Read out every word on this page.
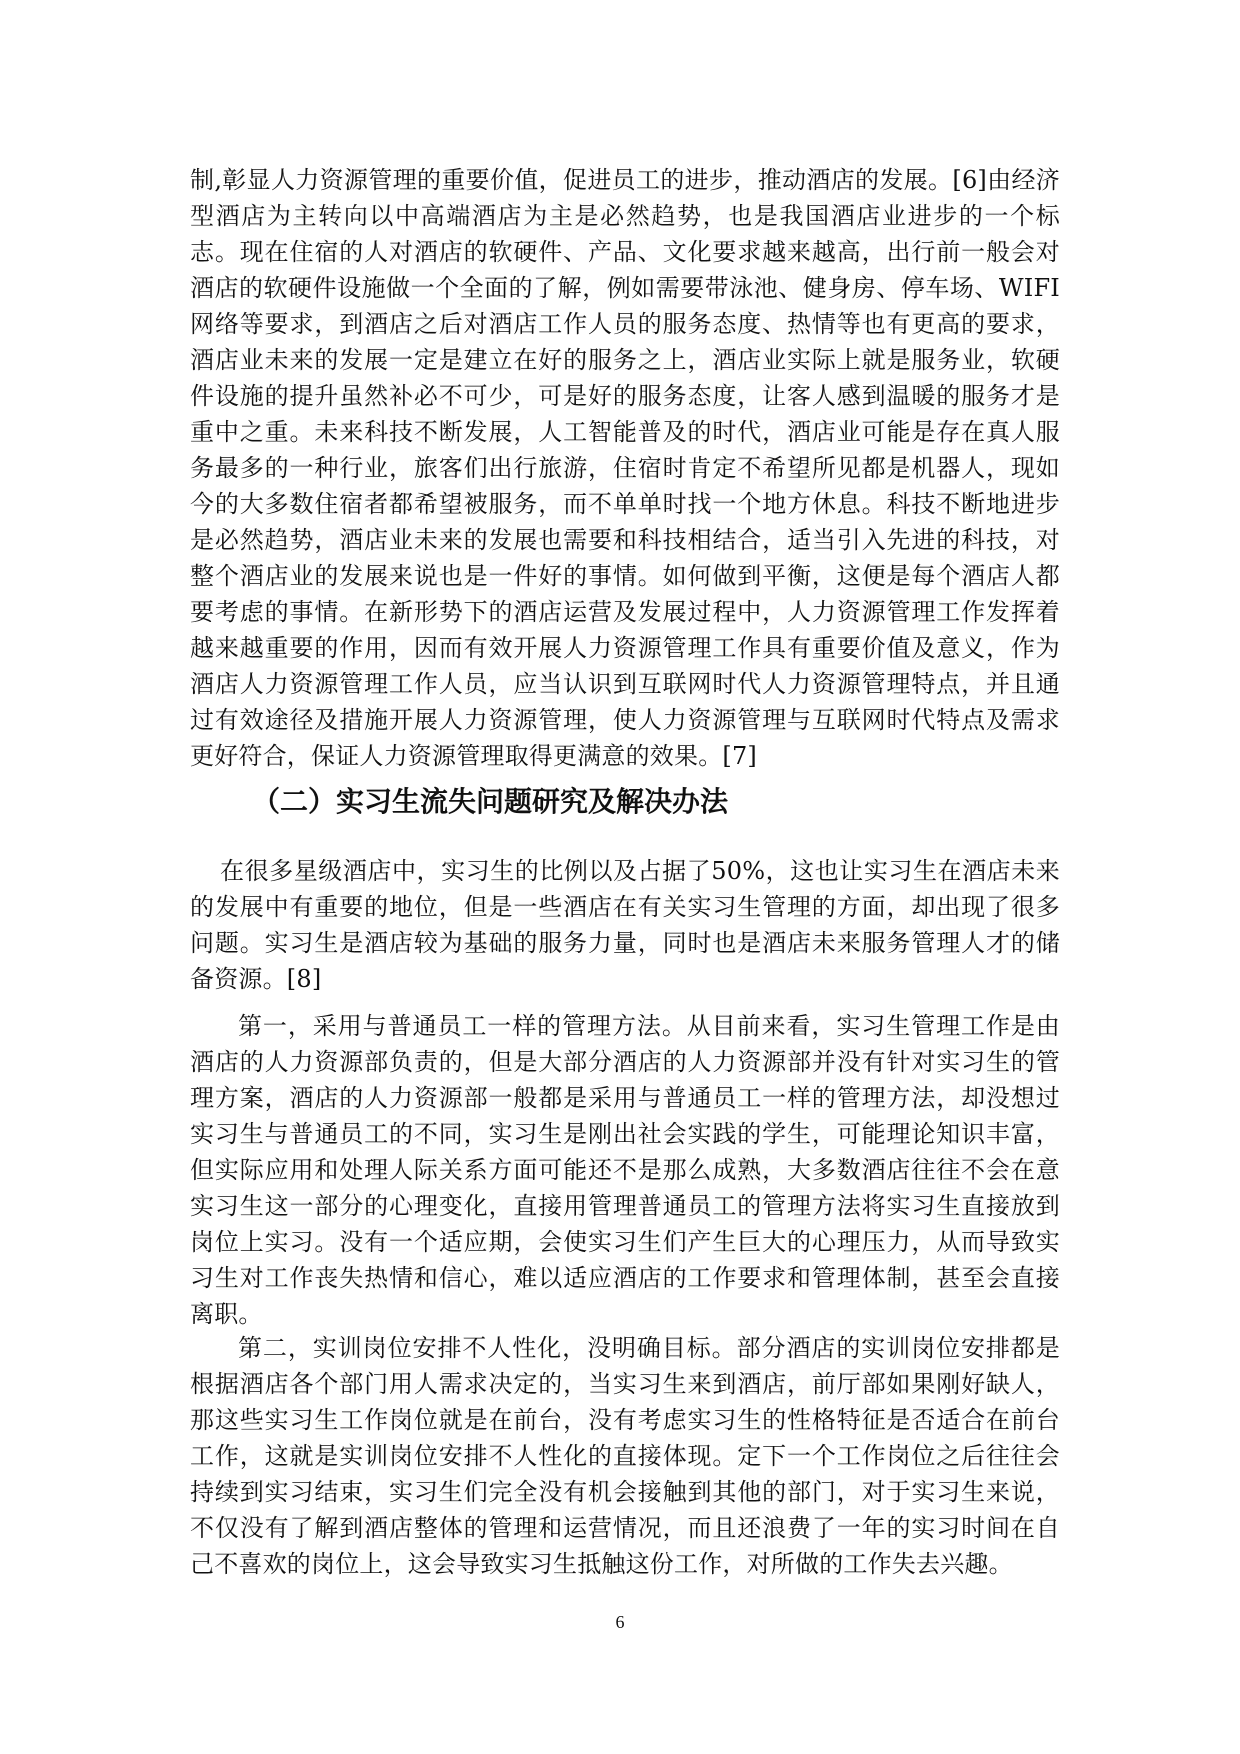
制,彰显人力资源管理的重要价值，促进员工的进步，推动酒店的发展。[6]由经济型酒店为主转向以中高端酒店为主是必然趋势，也是我国酒店业进步的一个标志。现在住宿的人对酒店的软硬件、产品、文化要求越来越高，出行前一般会对酒店的软硬件设施做一个全面的了解，例如需要带泳池、健身房、停车场、WIFI网络等要求，到酒店之后对酒店工作人员的服务态度、热情等也有更高的要求，酒店业未来的发展一定是建立在好的服务之上，酒店业实际上就是服务业，软硬件设施的提升虽然补必不可少，可是好的服务态度，让客人感到温暖的服务才是重中之重。未来科技不断发展，人工智能普及的时代，酒店业可能是存在真人服务最多的一种行业，旅客们出行旅游，住宿时肯定不希望所见都是机器人，现如今的大多数住宿者都希望被服务，而不单单时找一个地方休息。科技不断地进步是必然趋势，酒店业未来的发展也需要和科技相结合，适当引入先进的科技，对整个酒店业的发展来说也是一件好的事情。如何做到平衡，这便是每个酒店人都要考虑的事情。在新形势下的酒店运营及发展过程中，人力资源管理工作发挥着越来越重要的作用，因而有效开展人力资源管理工作具有重要价值及意义，作为酒店人力资源管理工作人员，应当认识到互联网时代人力资源管理特点，并且通过有效途径及措施开展人力资源管理，使人力资源管理与互联网时代特点及需求更好符合，保证人力资源管理取得更满意的效果。[7]

（二）实习生流失问题研究及解决办法

在很多星级酒店中，实习生的比例以及占据了50%，这也让实习生在酒店未来的发展中有重要的地位，但是一些酒店在有关实习生管理的方面，却出现了很多问题。实习生是酒店较为基础的服务力量，同时也是酒店未来服务管理人才的储备资源。[8]

第一，采用与普通员工一样的管理方法。从目前来看，实习生管理工作是由酒店的人力资源部负责的，但是大部分酒店的人力资源部并没有针对实习生的管理方案，酒店的人力资源部一般都是采用与普通员工一样的管理方法，却没想过实习生与普通员工的不同，实习生是刚出社会实践的学生，可能理论知识丰富，但实际应用和处理人际关系方面可能还不是那么成熟，大多数酒店往往不会在意实习生这一部分的心理变化，直接用管理普通员工的管理方法将实习生直接放到岗位上实习。没有一个适应期，会使实习生们产生巨大的心理压力，从而导致实习生对工作丧失热情和信心，难以适应酒店的工作要求和管理体制，甚至会直接离职。

第二，实训岗位安排不人性化，没明确目标。部分酒店的实训岗位安排都是根据酒店各个部门用人需求决定的，当实习生来到酒店，前厅部如果刚好缺人，那这些实习生工作岗位就是在前台，没有考虑实习生的性格特征是否适合在前台工作，这就是实训岗位安排不人性化的直接体现。定下一个工作岗位之后往往会持续到实习结束，实习生们完全没有机会接触到其他的部门，对于实习生来说，不仅没有了解到酒店整体的管理和运营情况，而且还浪费了一年的实习时间在自己不喜欢的岗位上，这会导致实习生抵触这份工作，对所做的工作失去兴趣。

6
